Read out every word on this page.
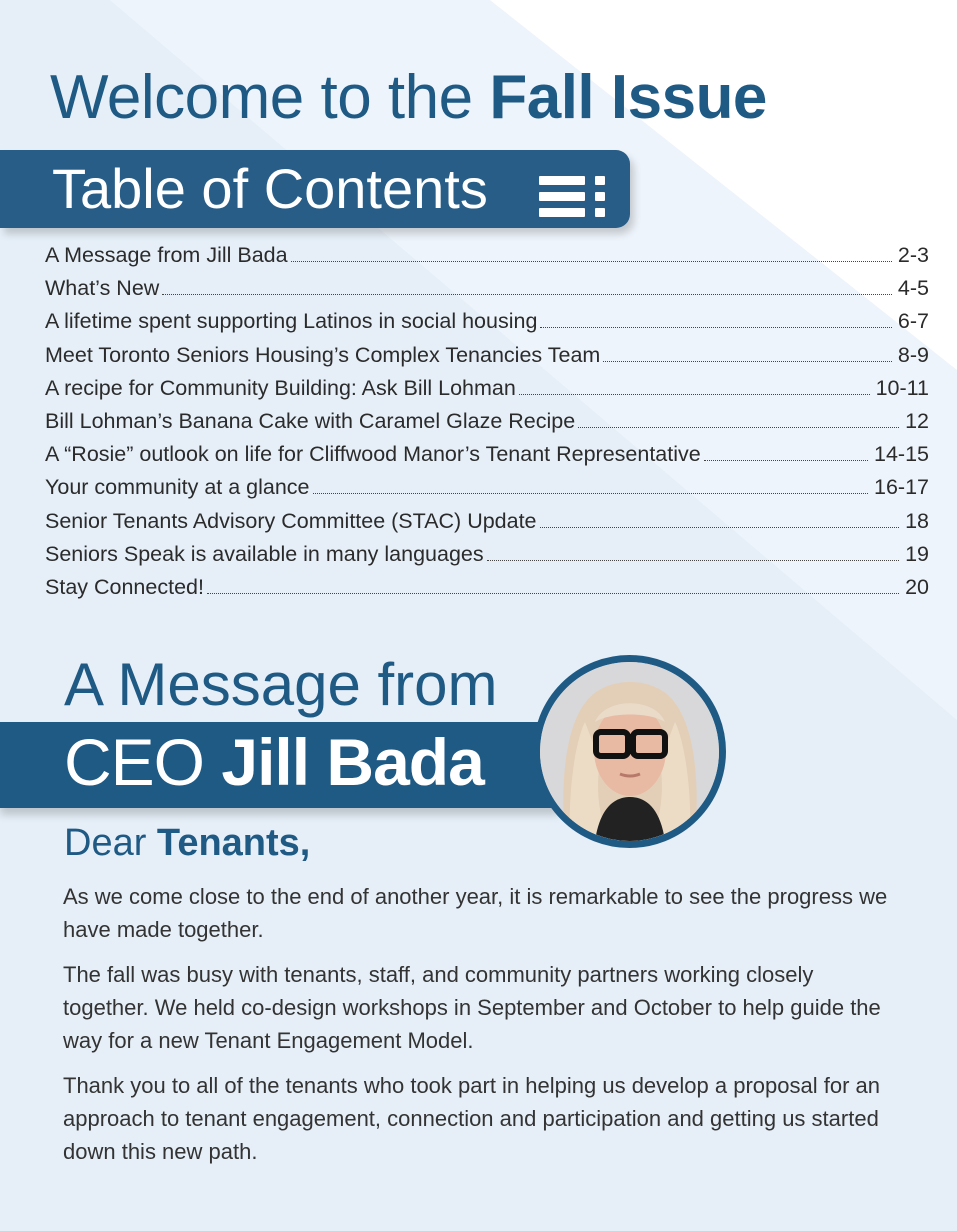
Welcome to the Fall Issue
Table of Contents
A Message from Jill Bada	2-3
What’s New	4-5
A lifetime spent supporting Latinos in social housing	6-7
Meet Toronto Seniors Housing’s Complex Tenancies Team	8-9
A recipe for Community Building: Ask Bill Lohman	10-11
Bill Lohman’s Banana Cake with Caramel Glaze Recipe	12
A “Rosie” outlook on life for Cliffwood Manor’s Tenant Representative	14-15
Your community at a glance	16-17
Senior Tenants Advisory Committee (STAC) Update	18
Seniors Speak is available in many languages	19
Stay Connected!	20
A Message from
CEO Jill Bada
Dear Tenants,

As we come close to the end of another year, it is remarkable to see the progress we have made together.

The fall was busy with tenants, staff, and community partners working closely together. We held co-design workshops in September and October to help guide the way for a new Tenant Engagement Model.

Thank you to all of the tenants who took part in helping us develop a proposal for an approach to tenant engagement, connection and participation and getting us started down this new path.
